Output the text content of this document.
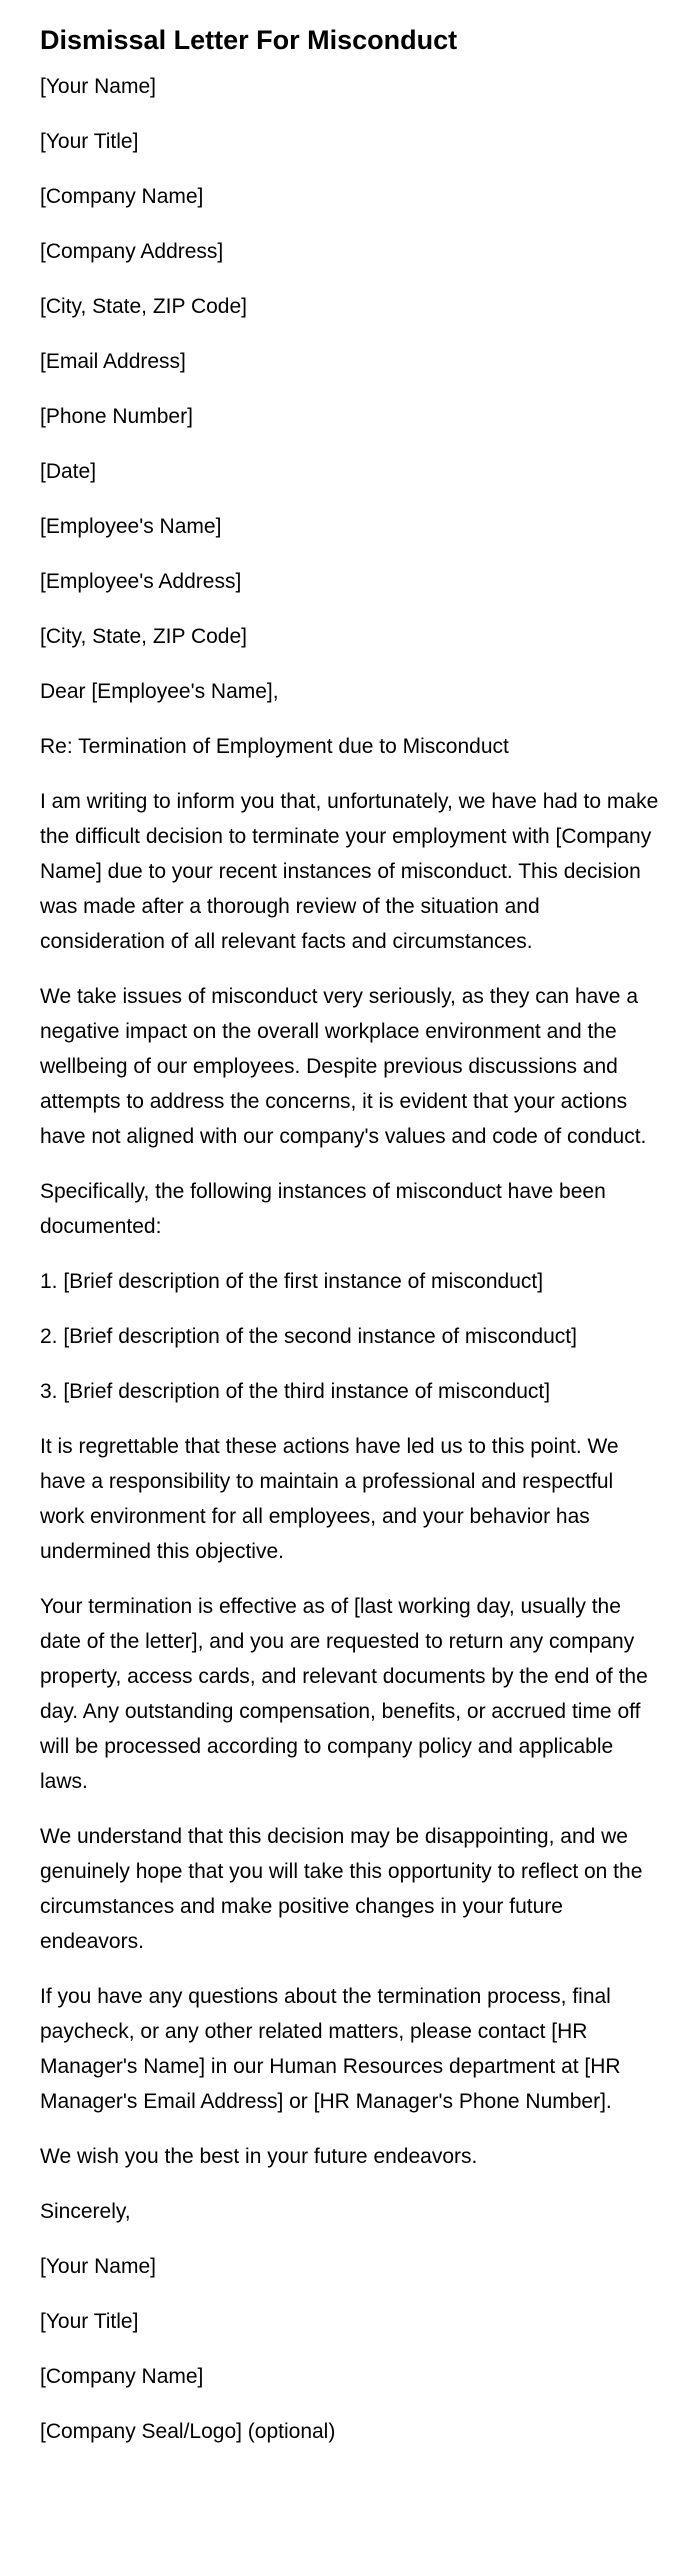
Dismissal Letter For Misconduct

[Your Name]

[Your Title]

[Company Name]

[Company Address]

[City, State, ZIP Code]

[Email Address]

[Phone Number]

[Date]

[Employee's Name]

[Employee's Address]

[City, State, ZIP Code]

Dear [Employee's Name],

Re: Termination of Employment due to Misconduct

I am writing to inform you that, unfortunately, we have had to make the difficult decision to terminate your employment with [Company Name] due to your recent instances of misconduct. This decision was made after a thorough review of the situation and consideration of all relevant facts and circumstances.

We take issues of misconduct very seriously, as they can have a negative impact on the overall workplace environment and the wellbeing of our employees. Despite previous discussions and attempts to address the concerns, it is evident that your actions have not aligned with our company's values and code of conduct.

Specifically, the following instances of misconduct have been documented:

1. [Brief description of the first instance of misconduct]

2. [Brief description of the second instance of misconduct]

3. [Brief description of the third instance of misconduct]

It is regrettable that these actions have led us to this point. We have a responsibility to maintain a professional and respectful work environment for all employees, and your behavior has undermined this objective.

Your termination is effective as of [last working day, usually the date of the letter], and you are requested to return any company property, access cards, and relevant documents by the end of the day. Any outstanding compensation, benefits, or accrued time off will be processed according to company policy and applicable laws.

We understand that this decision may be disappointing, and we genuinely hope that you will take this opportunity to reflect on the circumstances and make positive changes in your future endeavors.

If you have any questions about the termination process, final paycheck, or any other related matters, please contact [HR Manager's Name] in our Human Resources department at [HR Manager's Email Address] or [HR Manager's Phone Number].

We wish you the best in your future endeavors.

Sincerely,

[Your Name]

[Your Title]

[Company Name]

[Company Seal/Logo] (optional)
